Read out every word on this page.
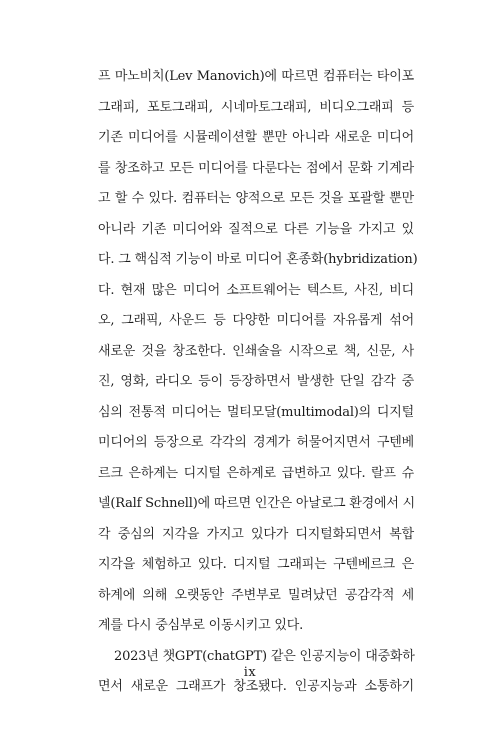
프 마노비치(Lev Manovich)에 따르면 컴퓨터는 타이포
그래피, 포토그래피, 시네마토그래피, 비디오그래피 등
기존 미디어를 시뮬레이션할 뿐만 아니라 새로운 미디어
를 창조하고 모든 미디어를 다룬다는 점에서 문화 기계라
고 할 수 있다. 컴퓨터는 양적으로 모든 것을 포괄할 뿐만
아니라 기존 미디어와 질적으로 다른 기능을 가지고 있
다. 그 핵심적 기능이 바로 미디어 혼종화(hybridization)
다. 현재 많은 미디어 소프트웨어는 텍스트, 사진, 비디
오, 그래픽, 사운드 등 다양한 미디어를 자유롭게 섞어
새로운 것을 창조한다. 인쇄술을 시작으로 책, 신문, 사
진, 영화, 라디오 등이 등장하면서 발생한 단일 감각 중
심의 전통적 미디어는 멀티모달(multimodal)의 디지털
미디어의 등장으로 각각의 경계가 허물어지면서 구텐베
르크 은하계는 디지털 은하계로 급변하고 있다. 랄프 슈
넬(Ralf Schnell)에 따르면 인간은 아날로그 환경에서 시
각 중심의 지각을 가지고 있다가 디지털화되면서 복합
지각을 체험하고 있다. 디지털 그래피는 구텐베르크 은
하계에 의해 오랫동안 주변부로 밀려났던 공감각적 세
계를 다시 중심부로 이동시키고 있다.
2023년 챗GPT(chatGPT) 같은 인공지능이 대중화하
면서 새로운 그래프가 창조됐다. 인공지능과 소통하기
ix
